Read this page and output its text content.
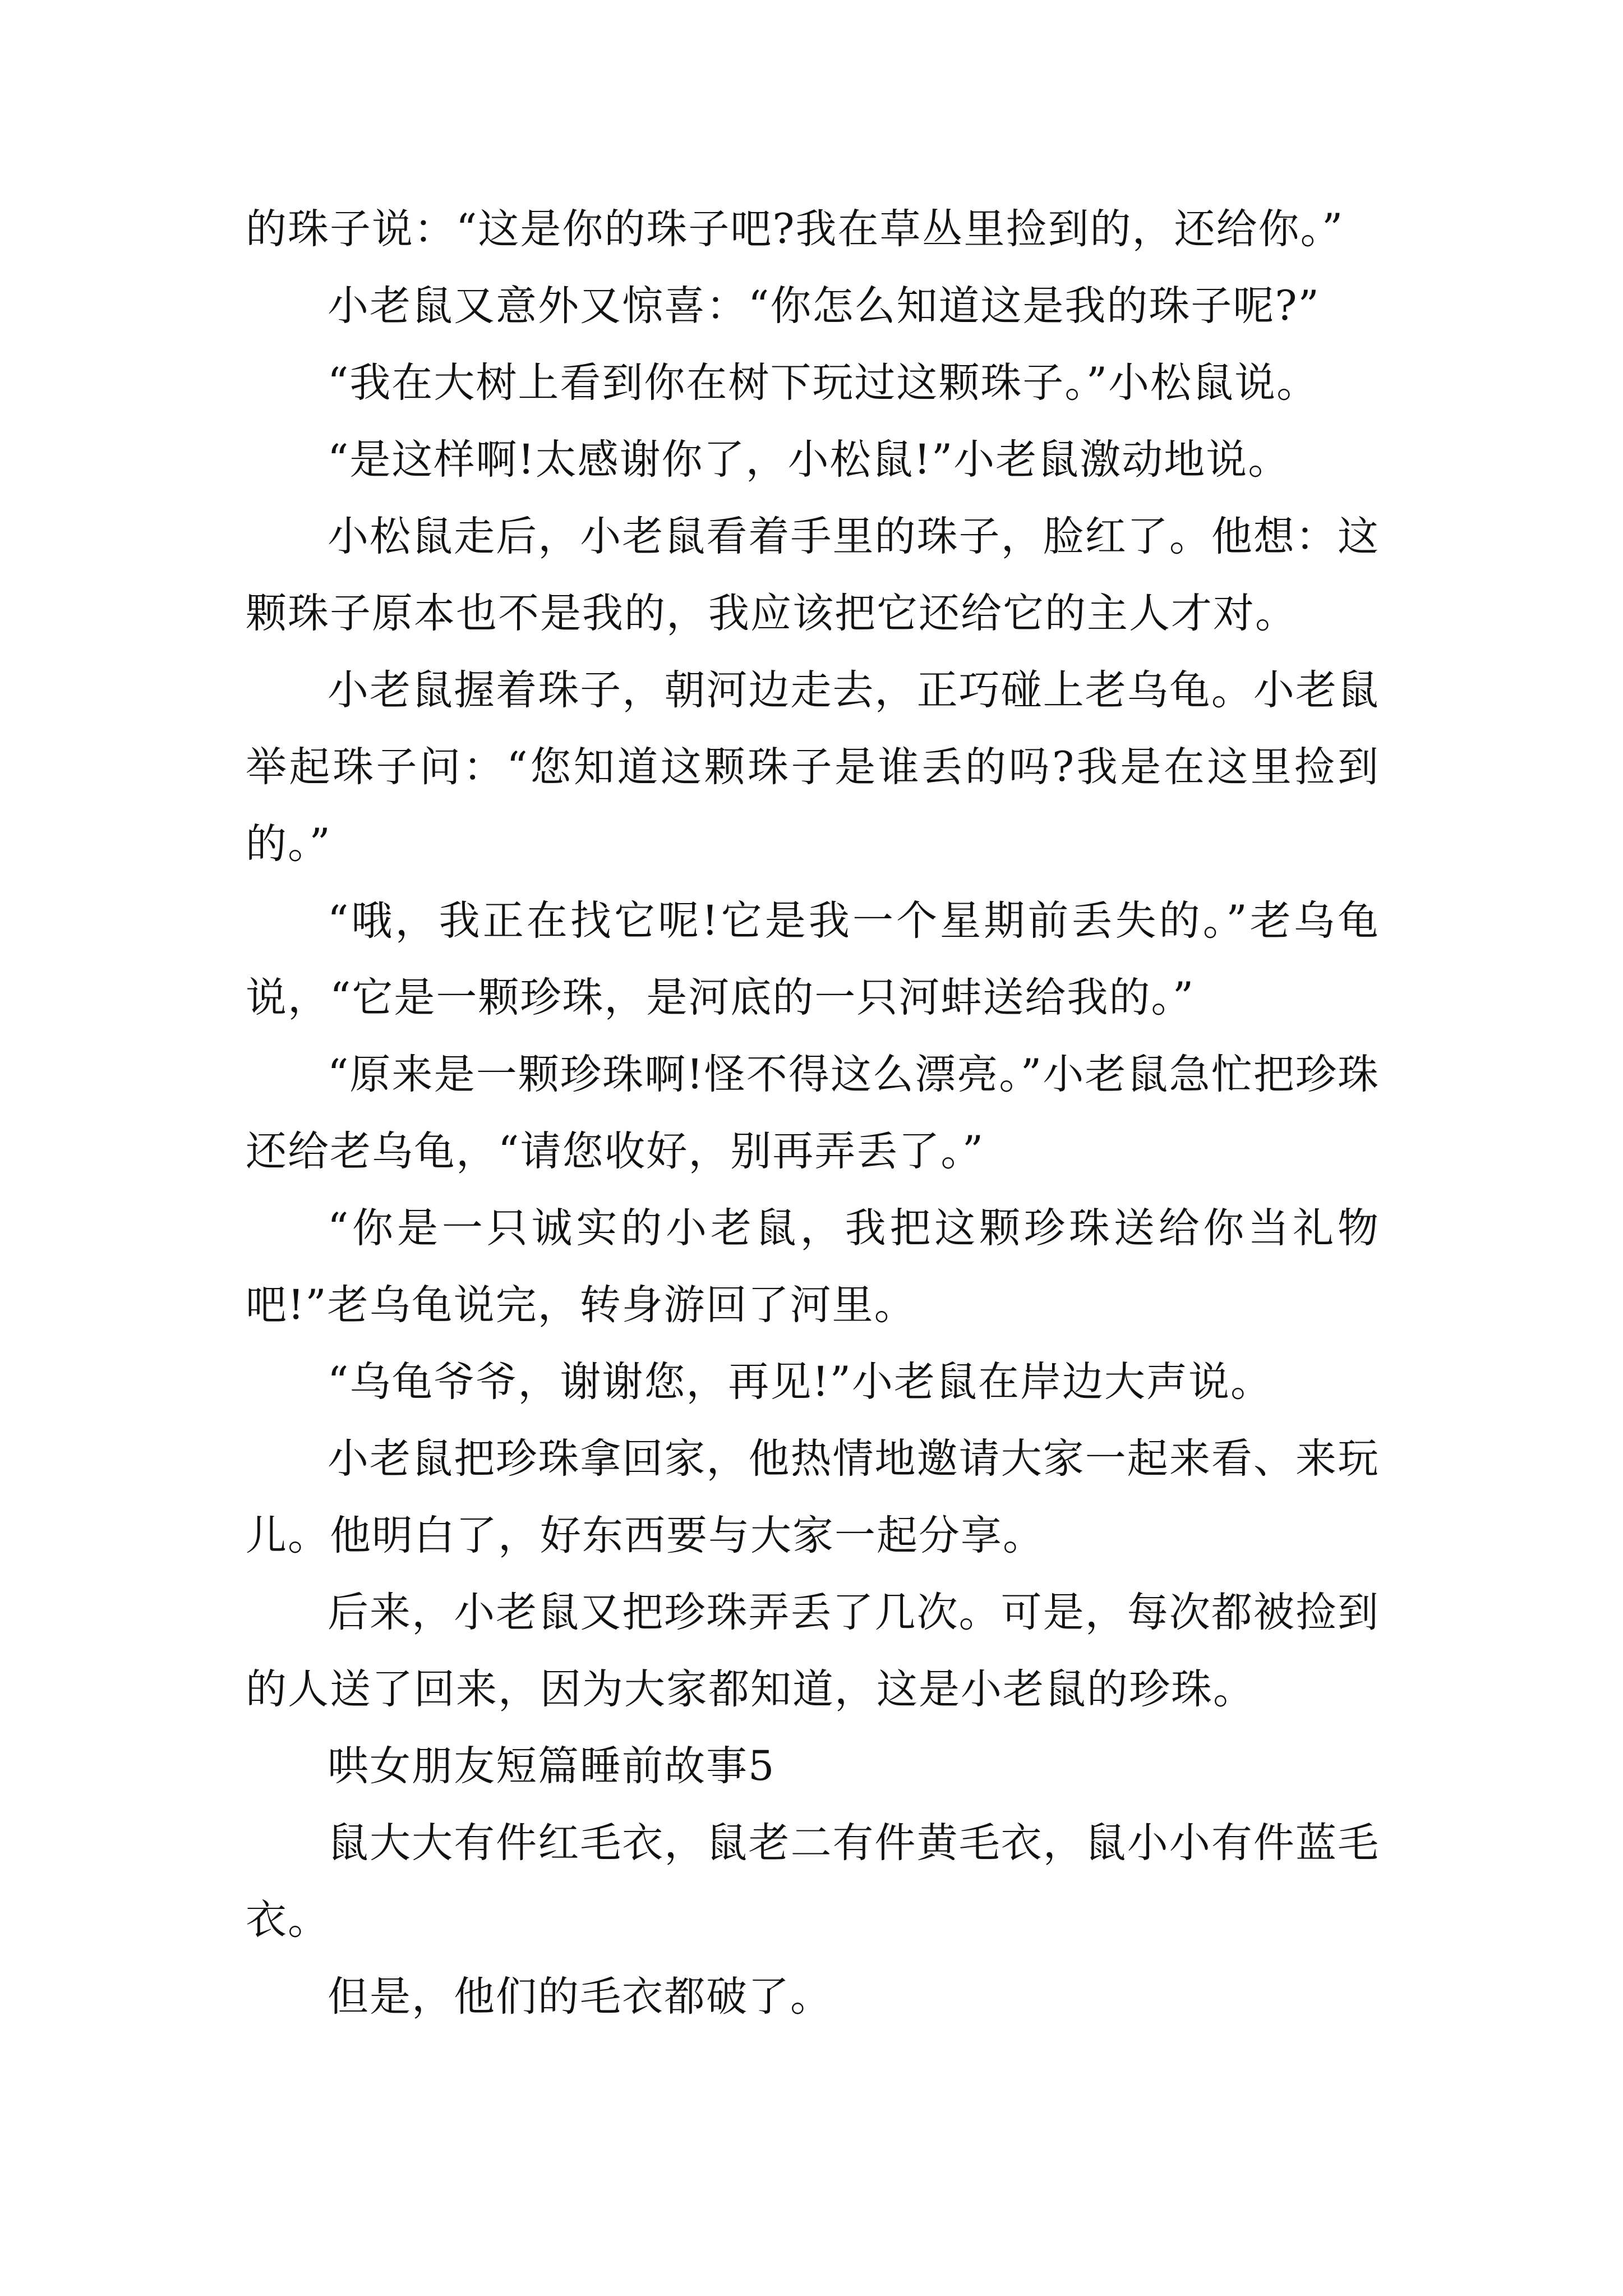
的珠子说：“这是你的珠子吧?我在草丛里捡到的，还给你。”

小老鼠又意外又惊喜：“你怎么知道这是我的珠子呢?”

“我在大树上看到你在树下玩过这颗珠子。”小松鼠说。

“是这样啊!太感谢你了，小松鼠!”小老鼠激动地说。

小松鼠走后，小老鼠看着手里的珠子，脸红了。他想：这颗珠子原本也不是我的，我应该把它还给它的主人才对。

小老鼠握着珠子，朝河边走去，正巧碰上老乌龟。小老鼠举起珠子问：“您知道这颗珠子是谁丢的吗?我是在这里捡到的。”

“哦，我正在找它呢!它是我一个星期前丢失的。”老乌龟说，“它是一颗珍珠，是河底的一只河蚌送给我的。”

“原来是一颗珍珠啊!怪不得这么漂亮。”小老鼠急忙把珍珠还给老乌龟，“请您收好，别再弄丢了。”

“你是一只诚实的小老鼠，我把这颗珍珠送给你当礼物吧!”老乌龟说完，转身游回了河里。

“乌龟爷爷，谢谢您，再见!”小老鼠在岸边大声说。

小老鼠把珍珠拿回家，他热情地邀请大家一起来看、来玩儿。他明白了，好东西要与大家一起分享。

后来，小老鼠又把珍珠弄丢了几次。可是，每次都被捡到的人送了回来，因为大家都知道，这是小老鼠的珍珠。

哄女朋友短篇睡前故事5

鼠大大有件红毛衣，鼠老二有件黄毛衣，鼠小小有件蓝毛衣。

但是，他们的毛衣都破了。
